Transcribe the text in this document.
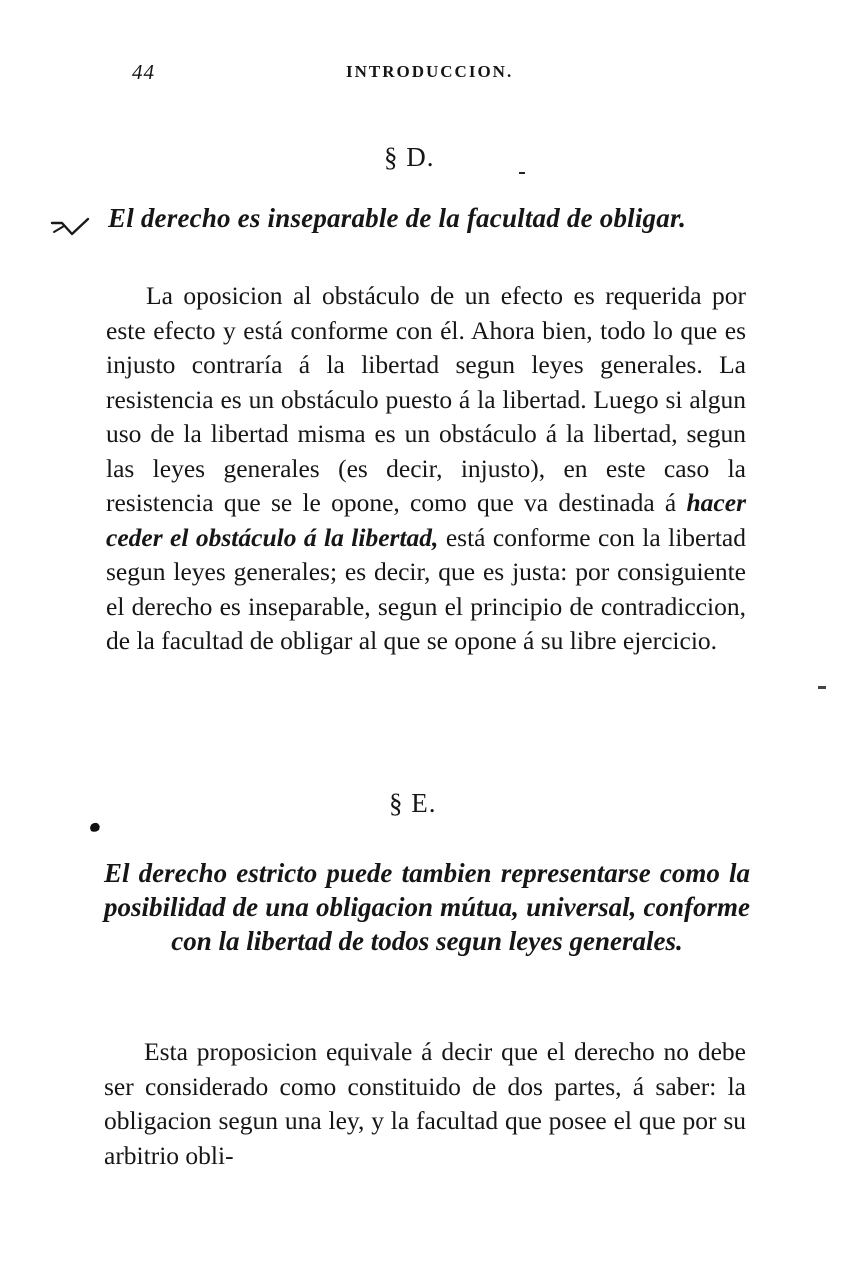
44	INTRODUCCION.
§ D.
El derecho es inseparable de la facultad de obligar.
La oposicion al obstáculo de un efecto es requerida por este efecto y está conforme con él. Ahora bien, todo lo que es injusto contraría á la libertad segun leyes generales. La resistencia es un obstáculo puesto á la libertad. Luego si algun uso de la libertad misma es un obstáculo á la libertad, segun las leyes generales (es decir, injusto), en este caso la resistencia que se le opone, como que va destinada á hacer ceder el obstáculo á la libertad, está conforme con la libertad segun leyes generales; es decir, que es justa: por consiguiente el derecho es inseparable, segun el principio de contradiccion, de la facultad de obligar al que se opone á su libre ejercicio.
§ E.
El derecho estricto puede tambien representarse como la posibilidad de una obligacion mútua, universal, conforme con la libertad de todos segun leyes generales.
Esta proposicion equivale á decir que el derecho no debe ser considerado como constituido de dos partes, á saber: la obligacion segun una ley, y la facultad que posee el que por su arbitrio obli-
